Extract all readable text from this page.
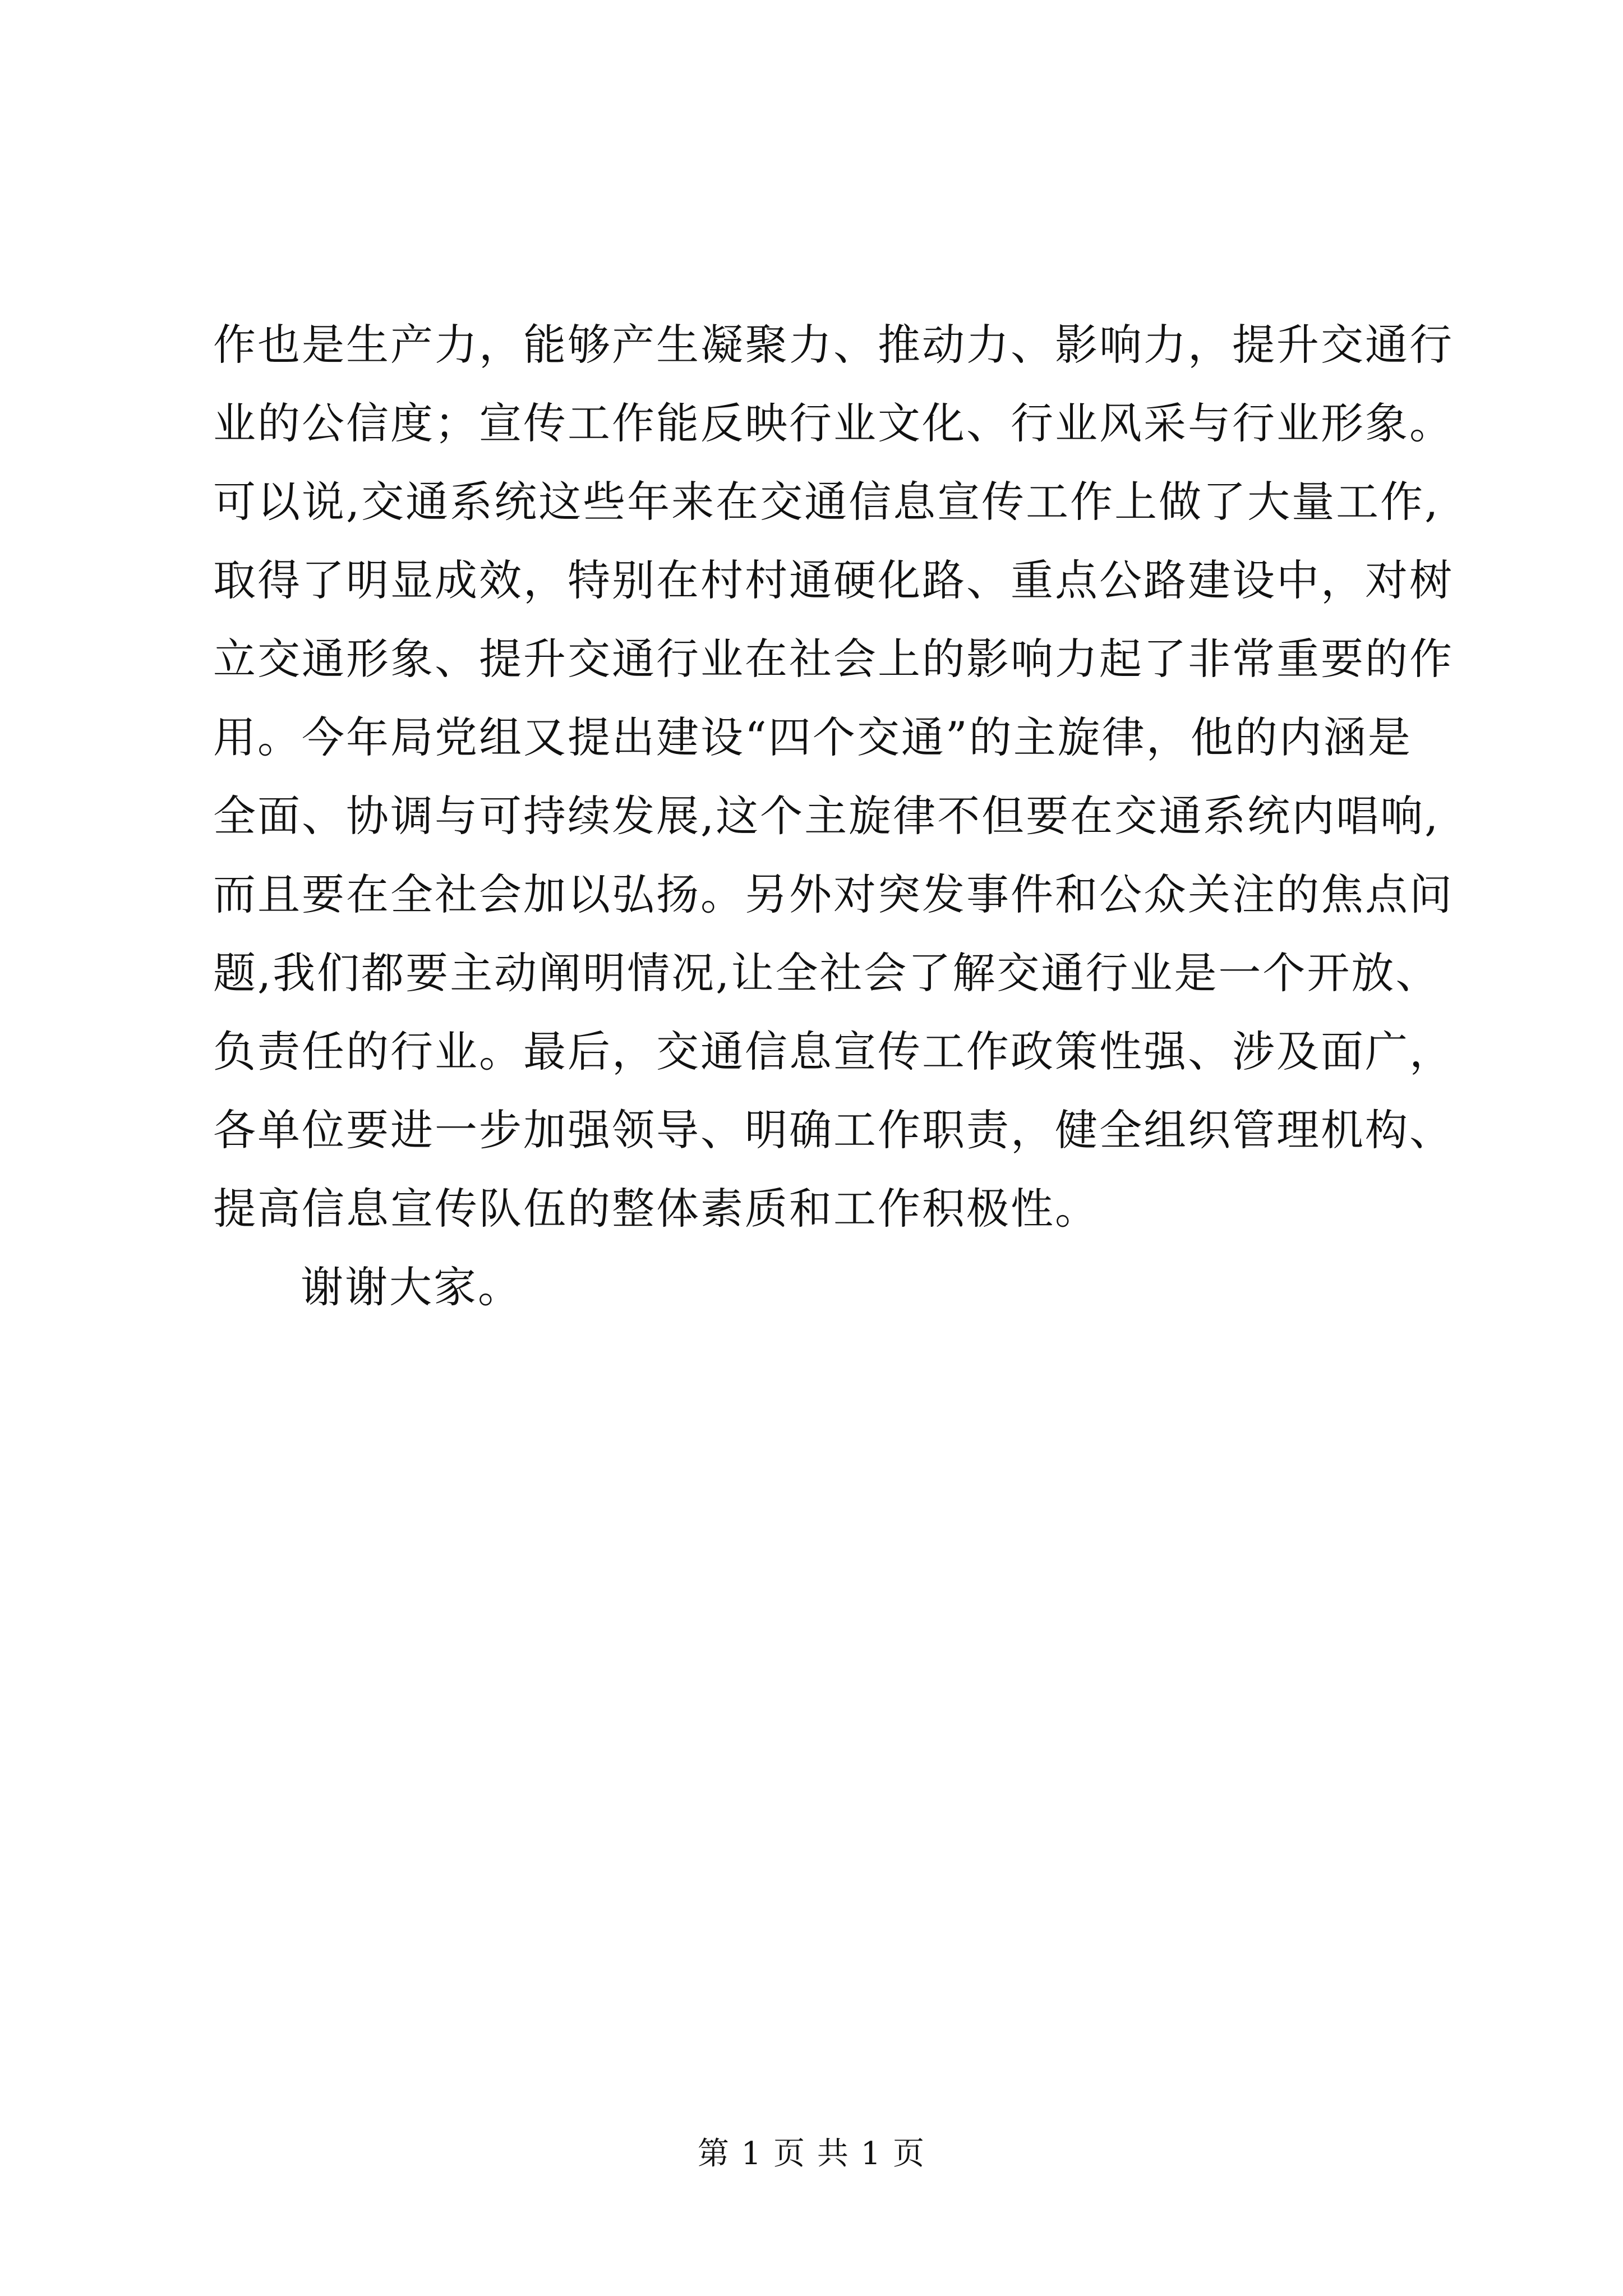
作也是生产力，能够产生凝聚力、推动力、影响力，提升交通行
业的公信度；宣传工作能反映行业文化、行业风采与行业形象。
可以说,交通系统这些年来在交通信息宣传工作上做了大量工作,
取得了明显成效，特别在村村通硬化路、重点公路建设中，对树
立交通形象、提升交通行业在社会上的影响力起了非常重要的作
用。今年局党组又提出建设“四个交通”的主旋律，他的内涵是
全面、协调与可持续发展,这个主旋律不但要在交通系统内唱响,
而且要在全社会加以弘扬。另外对突发事件和公众关注的焦点问
题,我们都要主动阐明情况,让全社会了解交通行业是一个开放、
负责任的行业。最后，交通信息宣传工作政策性强、涉及面广，
各单位要进一步加强领导、明确工作职责，健全组织管理机构、
提高信息宣传队伍的整体素质和工作积极性。
谢谢大家。
第 1 页 共 1 页
